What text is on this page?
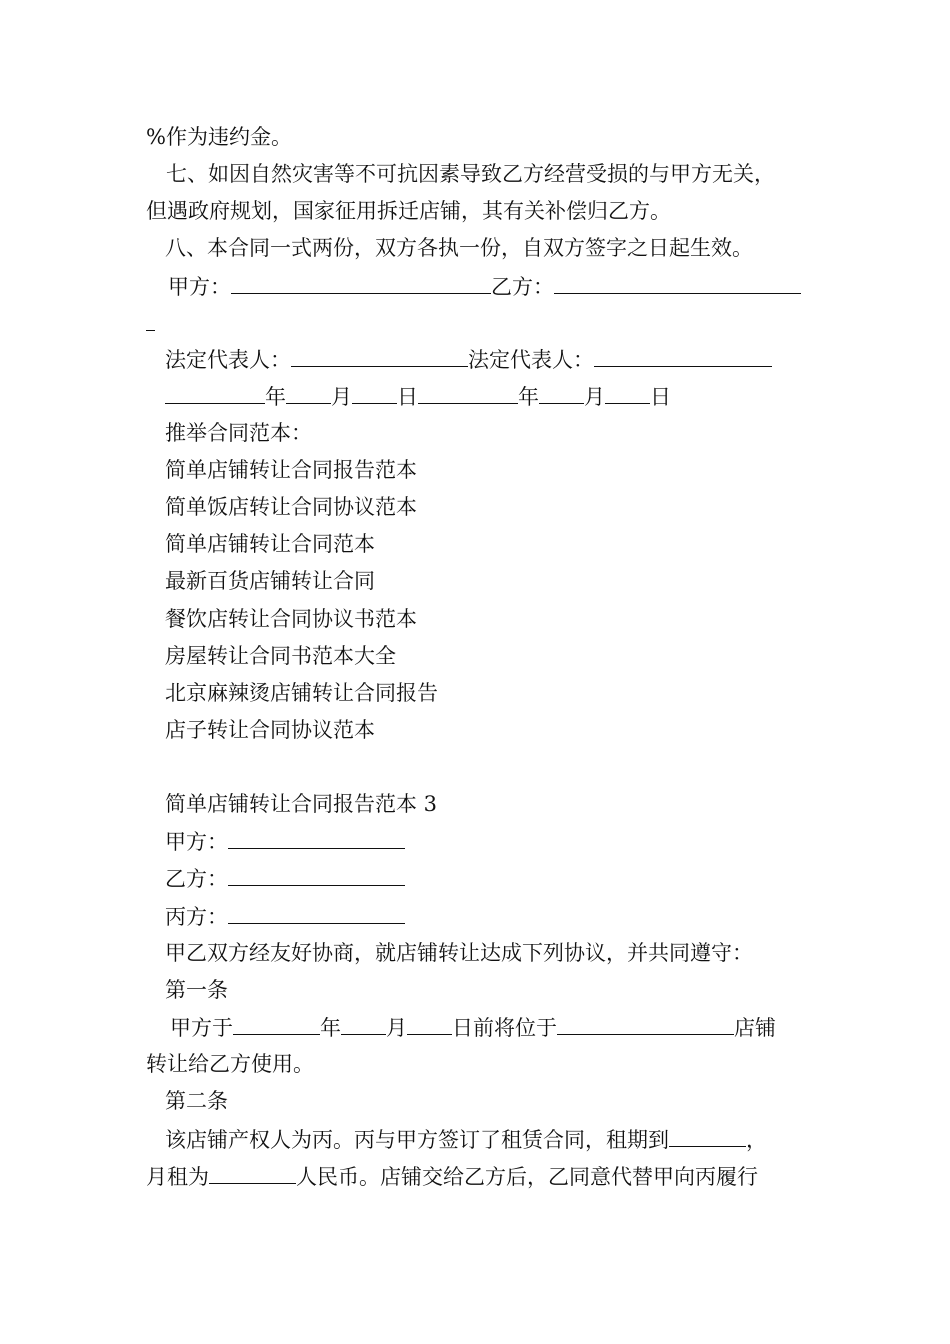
%作为违约金。
七、如因自然灾害等不可抗因素导致乙方经营受损的与甲方无关，
但遇政府规划，国家征用拆迁店铺，其有关补偿归乙方。
八、本合同一式两份，双方各执一份，自双方签字之日起生效。
甲方：	乙方：
法定代表人：	法定代表人：
年 月 日	年 月 日
推举合同范本：
简单店铺转让合同报告范本
简单饭店转让合同协议范本
简单店铺转让合同范本
最新百货店铺转让合同
餐饮店转让合同协议书范本
房屋转让合同书范本大全
北京麻辣烫店铺转让合同报告
店子转让合同协议范本
简单店铺转让合同报告范本 3
甲方：
乙方：
丙方：
甲乙双方经友好协商，就店铺转让达成下列协议，并共同遵守：
第一条
甲方于	年 月 日前将位于	店铺
转让给乙方使用。
第二条
该店铺产权人为丙。丙与甲方签订了租赁合同，租期到	，
月租为	人民币。店铺交给乙方后，乙同意代替甲向丙履行
